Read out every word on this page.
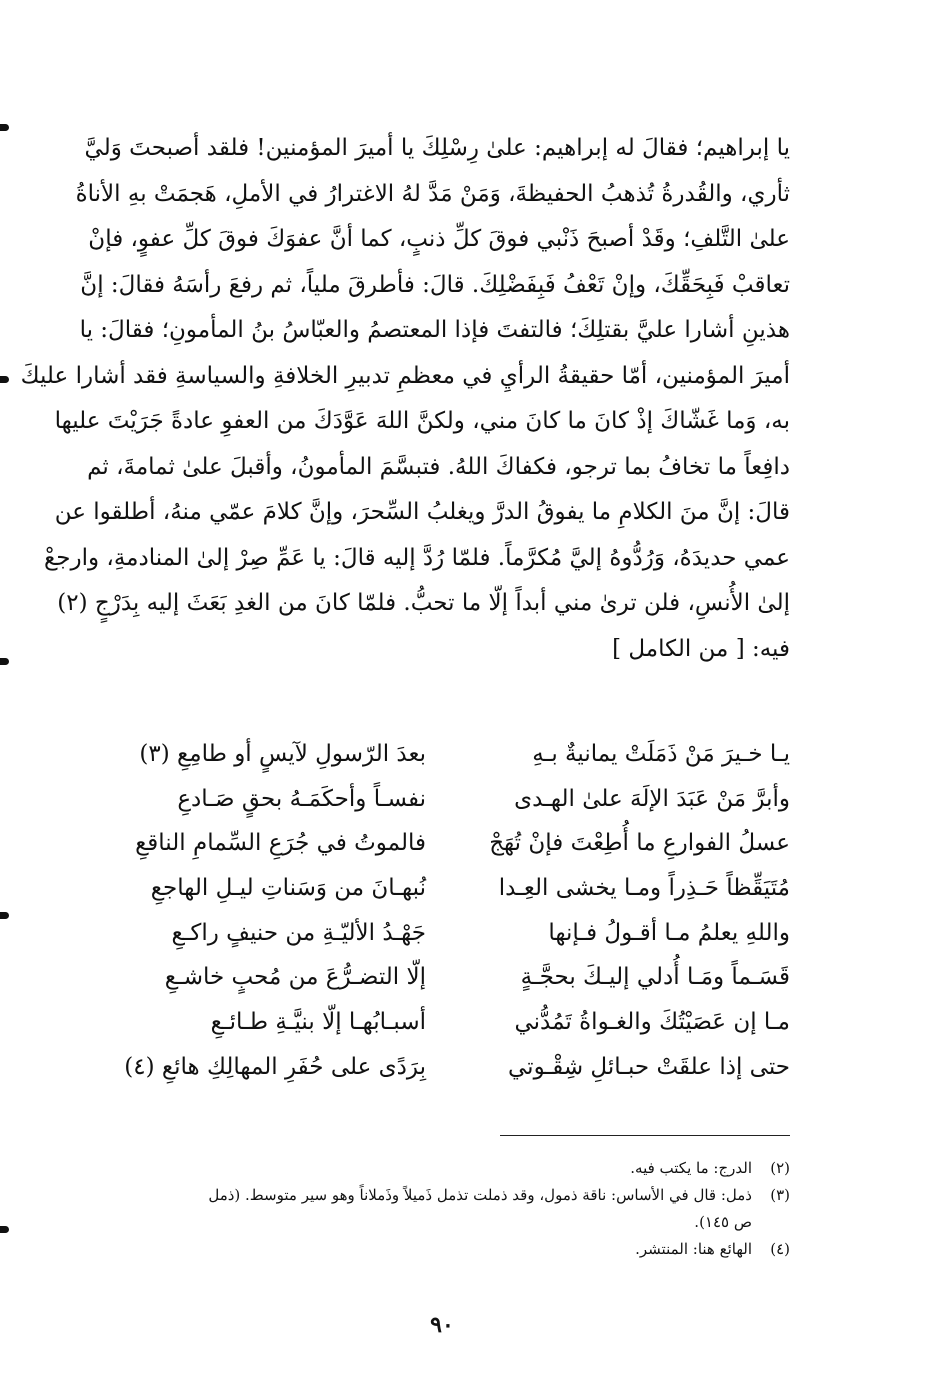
يا إبراهيم؛ فقالَ له إبراهيم: علىٰ رِسْلِكَ يا أميرَ المؤمنين! فلقد أصبحتَ وَليَّ
ثأري، والقُدرةُ تُذهبُ الحفيظةَ، وَمَنْ مَدَّ لهُ الاغترارُ في الأملِ، هَجمَتْ بهِ الأناةُ
علىٰ التَّلفِ؛ وقَدْ أصبحَ ذَنْبي فوقَ كلِّ ذنبٍ، كما أنَّ عفوَكَ فوقَ كلِّ عفوٍ، فإنْ
تعاقبْ فَبِحَقِّكَ، وإنْ تَعْفُ فَبِفَضْلِكَ. قالَ: فأطرقَ ملياً، ثم رفعَ رأسَهُ فقالَ: إنَّ
هذينِ أشارا عليَّ بقتلِكَ؛ فالتفتَ فإذا المعتصمُ والعبّاسُ بنُ المأمونِ؛ فقالَ: يا
أميرَ المؤمنين، أمّا حقيقةُ الرأيِ في معظمِ تدبيرِ الخلافةِ والسياسةِ فقد أشارا عليكَ
به، وَما غَشّاكَ إذْ كانَ ما كانَ مني، ولكنَّ اللهَ عَوَّدَكَ من العفوِ عادةً جَرَيْتَ عليها
دافِعاً ما تخافُ بما ترجو، فكفاكَ اللهُ. فتبسَّمَ المأمونُ، وأقبلَ علىٰ ثمامةَ، ثم
قالَ: إنَّ منَ الكلامِ ما يفوقُ الدرَّ ويغلبُ السِّحرَ، وإنَّ كلامَ عمّي منهُ، أطلقوا عن
عمي حديدَهُ، وَرُدُّوهُ إليَّ مُكرَّماً. فلمّا رُدَّ إليه قالَ: يا عَمِّ صِرْ إلىٰ المنادمةِ، وارجعْ
إلىٰ الأُنسِ، فلن ترىٰ مني أبداً إلّا ما تحبُّ. فلمّا كانَ من الغدِ بَعَثَ إليه بِدَرْجٍ (٢)
فيه: [ من الكامل ]
يـا خـيرَ مَنْ ذَمَلَتْ يمانيةٌ بـهِ
بعدَ الرّسولِ لآيسٍ أو طامِعِ (٣)
وأبرَّ مَنْ عَبَدَ الإلَهَ علىٰ الهـدى
نفسـاً وأحكَمَـهُ بحقٍ صَـادعِ
عسلُ الفوارعِ ما أُطِعْتَ فإنْ تُهَجْ
فالموتُ في جُرَعِ السِّمامِ الناقعِ
مُتَيَقِّظاً حَـذِراً ومـا يخشى العِـدا
نُبهـانَ من وَسَناتِ ليـلِ الهاجعِ
واللهِ يعلمُ مـا أقـولُ فـإنها
جَهْـدُ الأليّـةِ من حنيفٍ راكـعِ
قَسَـماً ومَـا أُدلي إليـكَ بحجَّـةٍ
إلّا التضـرُّعَ من مُحبٍ خاشـعِ
مـا إن عَصَيْتُكَ والغـواةُ تَمُدُّني
أسبـابُهـا إلّا بنيَّـةِ طـائـعِ
حتى إذا علقَتْ حبـائلِ شِقْـوتي
بِرَدًى على حُفَرِ المهالِكِ هائعِ (٤)
(٢)
الدرج: ما يكتب فيه.
(٣)
ذمل: قال في الأساس: ناقة ذمول، وقد ذملت تذمل ذَميلاً وذَملاناً وهو سير متوسط. (ذمل
ص ١٤٥).
(٤)
الهائع هنا: المنتشر.
٩٠
